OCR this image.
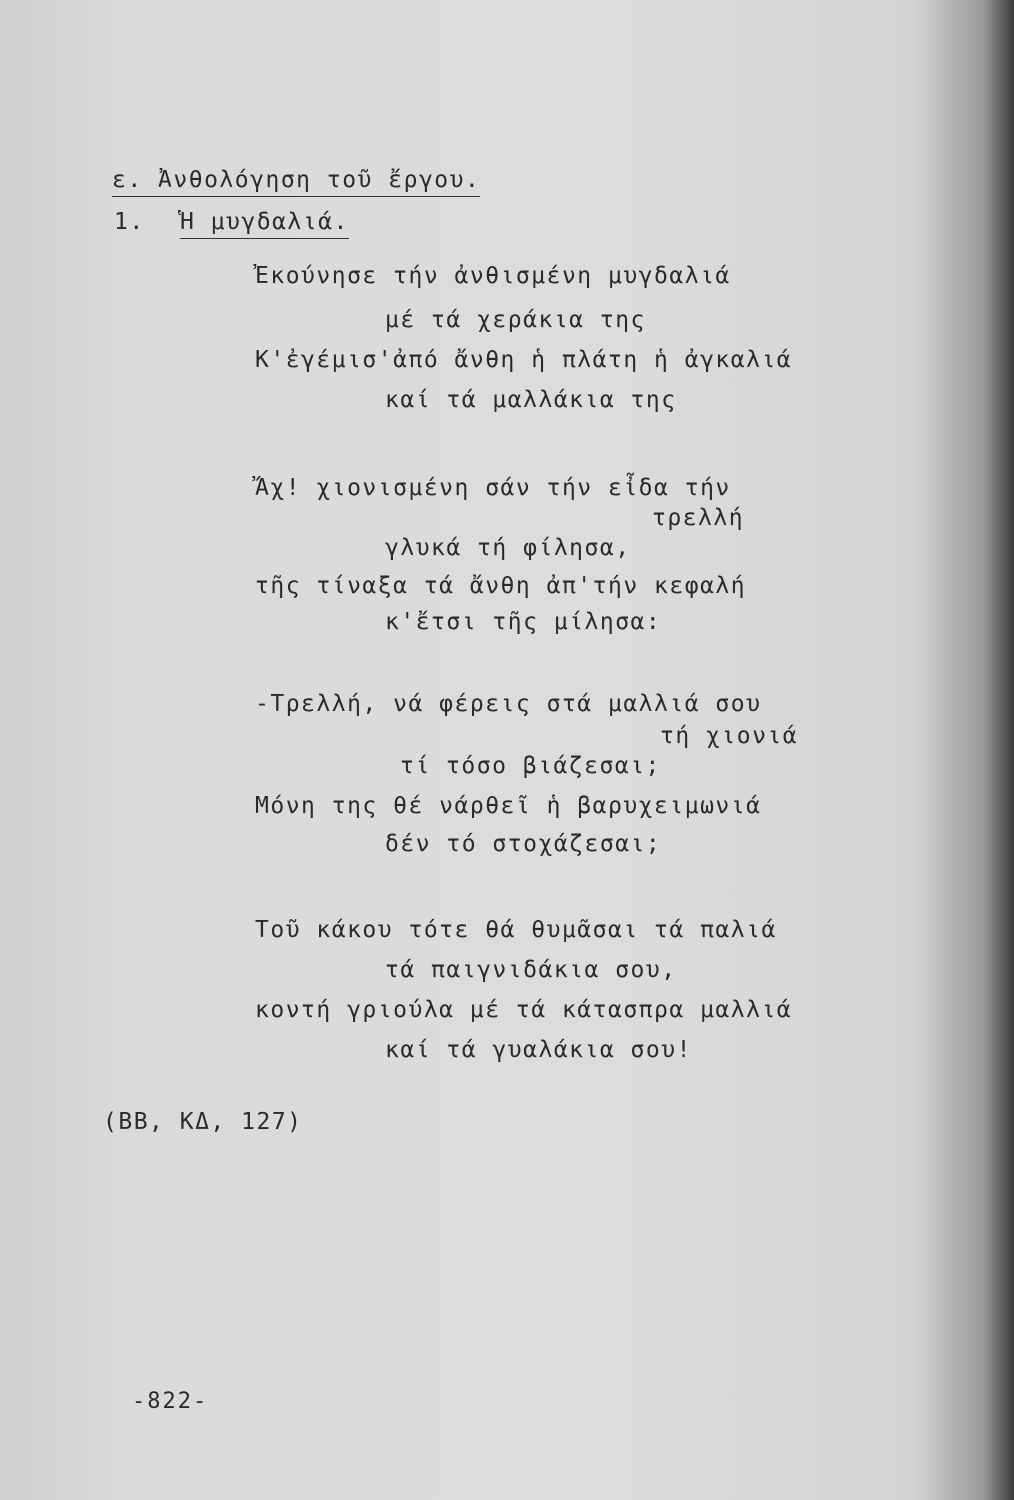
ε. Ἀνθολόγηση τοῦ ἔργου.
1. Ἡ μυγδαλιά.
Ἐκούνησε τήν ἀνθισμένη μυγδαλιά
μέ τά χεράκια της
Κ'ἐγέμισ'ἀπό ἄνθη ἡ πλάτη ἡ ἀγκαλιά
καί τά μαλλάκια της
Ἄχ! χιονισμένη σάν τήν εἶδα τήν
τρελλή
γλυκά τή φίλησα,
τῆς τίναξα τά ἄνθη ἀπ'τήν κεφαλή
κ'ἔτσι τῆς μίλησα:
-Τρελλή, νά φέρεις στά μαλλιά σου
τή χιονιά
τί τόσο βιάζεσαι;
Μόνη της θέ νάρθεῖ ἡ βαρυχειμωνιά
δέν τό στοχάζεσαι;
Τοῦ κάκου τότε θά θυμᾶσαι τά παλιά
τά παιγνιδάκια σου,
κοντή γριούλα μέ τά κάτασπρα μαλλιά
καί τά γυαλάκια σου!
(ΒΒ, ΚΔ, 127)
-822-
